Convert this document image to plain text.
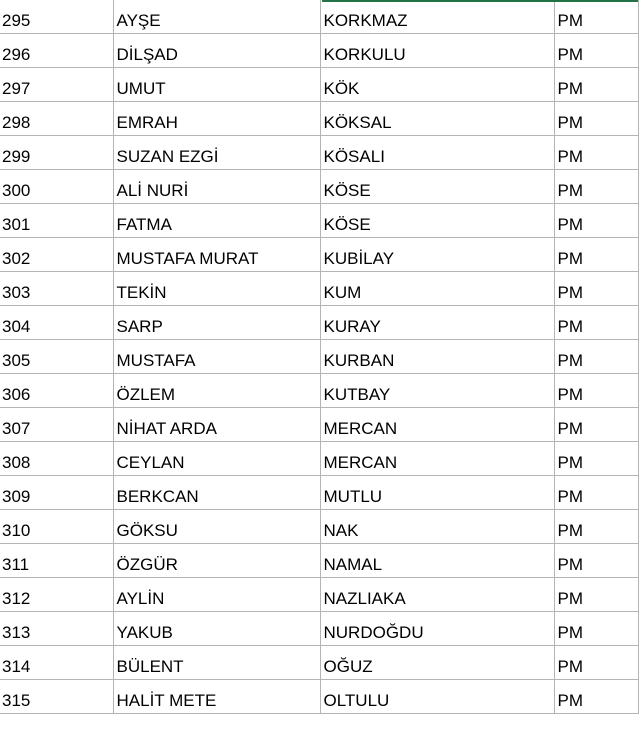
295	AYŞE	KORKMAZ	PM
296	DİLŞAD	KORKULU	PM
297	UMUT	KÖK	PM
298	EMRAH	KÖKSAL	PM
299	SUZAN EZGİ	KÖSALI	PM
300	ALİ NURİ	KÖSE	PM
301	FATMA	KÖSE	PM
302	MUSTAFA MURAT	KUBİLAY	PM
303	TEKİN	KUM	PM
304	SARP	KURAY	PM
305	MUSTAFA	KURBAN	PM
306	ÖZLEM	KUTBAY	PM
307	NİHAT ARDA	MERCAN	PM
308	CEYLAN	MERCAN	PM
309	BERKCAN	MUTLU	PM
310	GÖKSU	NAK	PM
311	ÖZGÜR	NAMAL	PM
312	AYLİN	NAZLIAKA	PM
313	YAKUB	NURDOĞDU	PM
314	BÜLENT	OĞUZ	PM
315	HALİT METE	OLTULU	PM
